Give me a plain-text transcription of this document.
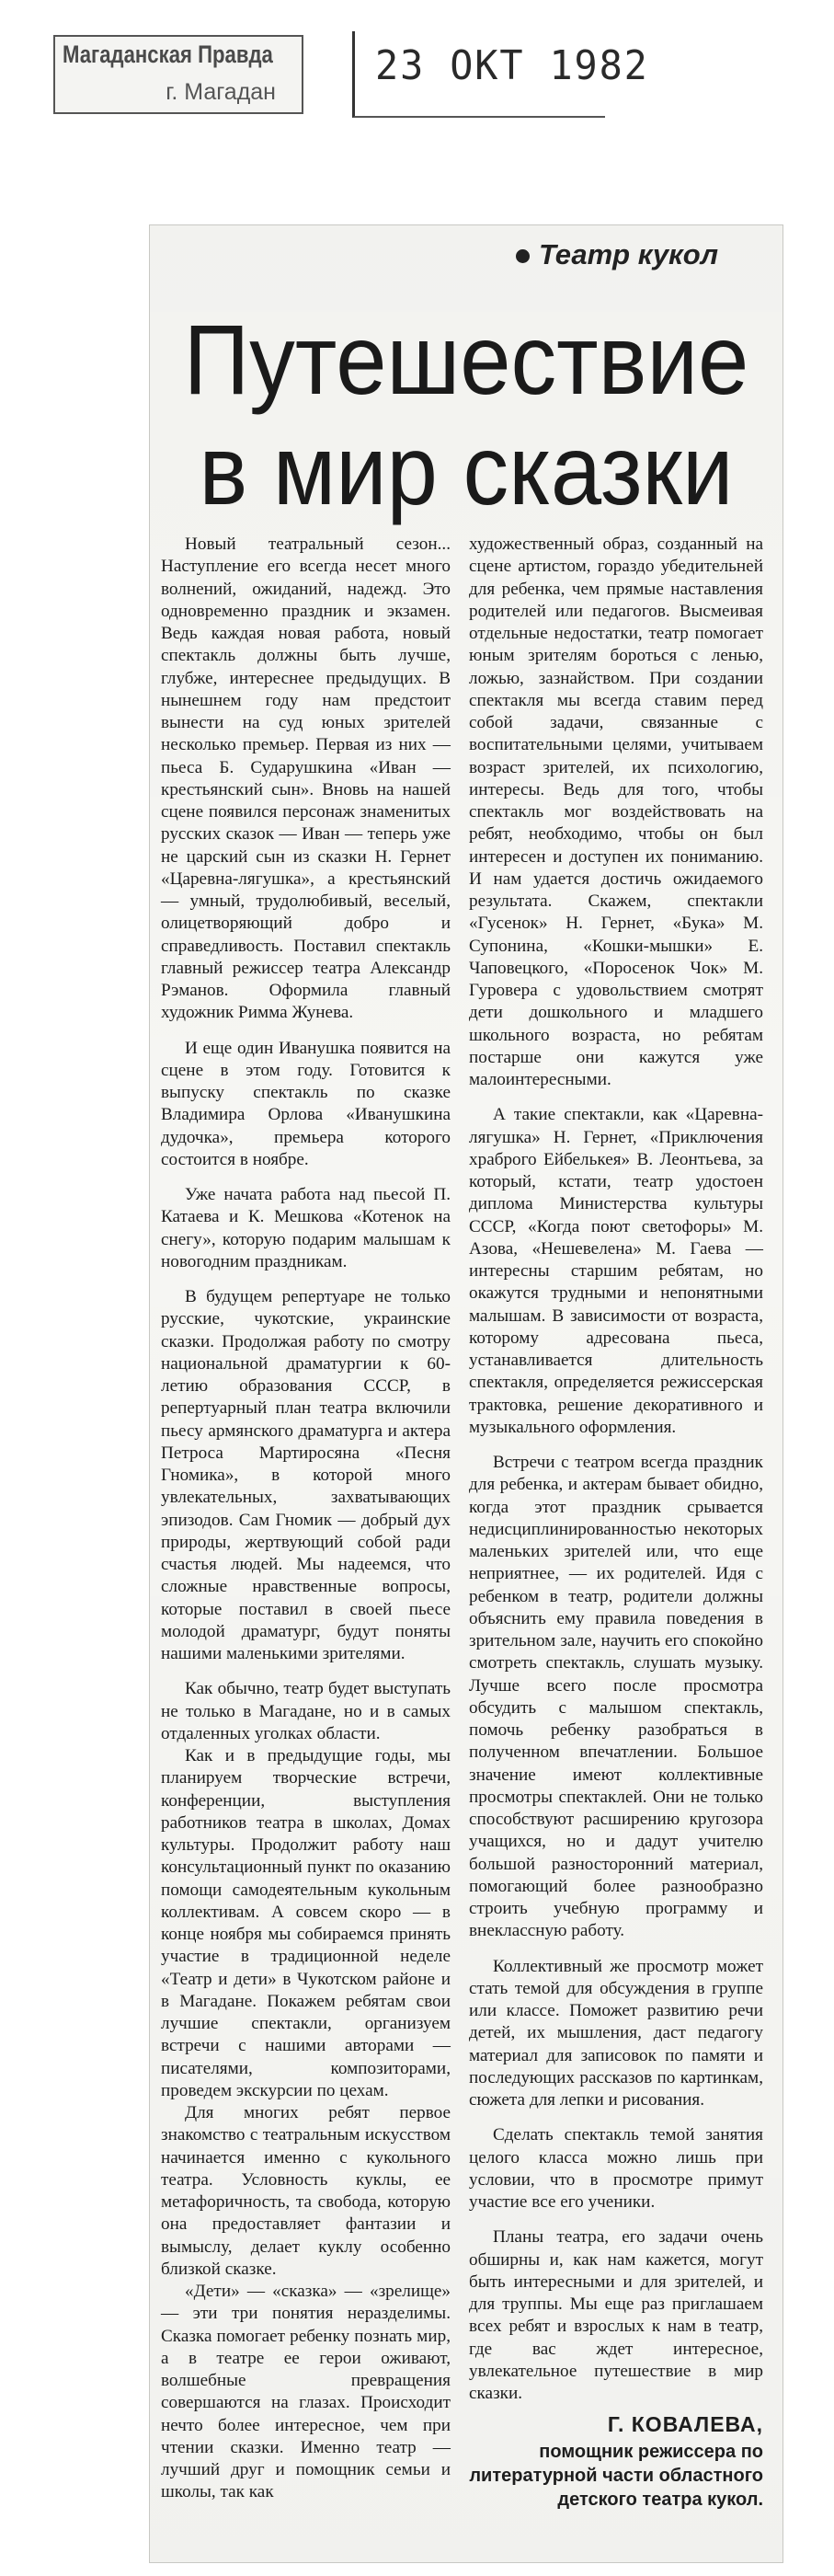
Магаданская Правда
г. Магадан
23 ОКТ 1982
Театр кукол
Путешествие
в мир сказки

Новый театральный сезон... Наступление его всегда несет много волнений, ожиданий, надежд. Это одновременно праздник и экзамен. Ведь каждая новая работа, новый спектакль должны быть лучше, глубже, интереснее предыдущих. В нынешнем году нам предстоит вынести на суд юных зрителей несколько премьер. Первая из них — пьеса Б. Сударушкина «Иван — крестьянский сын». Вновь на нашей сцене появился персонаж знаменитых русских сказок — Иван — теперь уже не царский сын из сказки Н. Гернет «Царевна-лягушка», а крестьянский — умный, трудолюбивый, веселый, олицетворяющий добро и справедливость. Поставил спектакль главный режиссер театра Александр Рэманов. Оформила главный художник Римма Жунева.

И еще один Иванушка появится на сцене в этом году. Готовится к выпуску спектакль по сказке Владимира Орлова «Иванушкина дудочка», премьера которого состоится в ноябре.

Уже начата работа над пьесой П. Катаева и К. Мешкова «Котенок на снегу», которую подарим малышам к новогодним праздникам.

В будущем репертуаре не только русские, чукотские, украинские сказки. Продолжая работу по смотру национальной драматургии к 60-летию образования СССР, в репертуарный план театра включили пьесу армянского драматурга и актера Петроса Мартиросяна «Песня Гномика», в которой много увлекательных, захватывающих эпизодов. Сам Гномик — добрый дух природы, жертвующий собой ради счастья людей. Мы надеемся, что сложные нравственные вопросы, которые поставил в своей пьесе молодой драматург, будут поняты нашими маленькими зрителями.

Как обычно, театр будет выступать не только в Магадане, но и в самых отдаленных уголках области.

Как и в предыдущие годы, мы планируем творческие встречи, конференции, выступления работников театра в школах, Домах культуры. Продолжит работу наш консультационный пункт по оказанию помощи самодеятельным кукольным коллективам. А совсем скоро — в конце ноября мы собираемся принять участие в традиционной неделе «Театр и дети» в Чукотском районе и в Магадане. Покажем ребятам свои лучшие спектакли, организуем встречи с нашими авторами — писателями, композиторами, проведем экскурсии по цехам.

Для многих ребят первое знакомство с театральным искусством начинается именно с кукольного театра. Условность куклы, ее метафоричность, та свобода, которую она предоставляет фантазии и вымыслу, делает куклу особенно близкой сказке.

«Дети» — «сказка» — «зрелище» — эти три понятия неразделимы. Сказка помогает ребенку познать мир, а в театре ее герои оживают, волшебные превращения совершаются на глазах. Происходит нечто более интересное, чем при чтении сказки. Именно театр — лучший друг и помощник семьи и школы, так как

художественный образ, созданный на сцене артистом, гораздо убедительней для ребенка, чем прямые наставления родителей или педагогов. Высмеивая отдельные недостатки, театр помогает юным зрителям бороться с ленью, ложью, зазнайством. При создании спектакля мы всегда ставим перед собой задачи, связанные с воспитательными целями, учитываем возраст зрителей, их психологию, интересы. Ведь для того, чтобы спектакль мог воздействовать на ребят, необходимо, чтобы он был интересен и доступен их пониманию. И нам удается достичь ожидаемого результата. Скажем, спектакли «Гусенок» Н. Гернет, «Бука» М. Супонина, «Кошки-мышки» Е. Чаповецкого, «Поросенок Чок» М. Гуровера с удовольствием смотрят дети дошкольного и младшего школьного возраста, но ребятам постарше они кажутся уже малоинтересными.

А такие спектакли, как «Царевна-лягушка» Н. Гернет, «Приключения храброго Ейбелькея» В. Леонтьева, за который, кстати, театр удостоен диплома Министерства культуры СССР, «Когда поют светофоры» М. Азова, «Нешевелена» М. Гаева — интересны старшим ребятам, но окажутся трудными и непонятными малышам. В зависимости от возраста, которому адресована пьеса, устанавливается длительность спектакля, определяется режиссерская трактовка, решение декоративного и музыкального оформления.

Встречи с театром всегда праздник для ребенка, и актерам бывает обидно, когда этот праздник срывается недисциплинированностью некоторых маленьких зрителей или, что еще неприятнее, — их родителей. Идя с ребенком в театр, родители должны объяснить ему правила поведения в зрительном зале, научить его спокойно смотреть спектакль, слушать музыку. Лучше всего после просмотра обсудить с малышом спектакль, помочь ребенку разобраться в полученном впечатлении. Большое значение имеют коллективные просмотры спектаклей. Они не только способствуют расширению кругозора учащихся, но и дадут учителю большой разносторонний материал, помогающий более разнообразно строить учебную программу и внеклассную работу.

Коллективный же просмотр может стать темой для обсуждения в группе или классе. Поможет развитию речи детей, их мышления, даст педагогу материал для записовок по памяти и последующих рассказов по картинкам, сюжета для лепки и рисования.

Сделать спектакль темой занятия целого класса можно лишь при условии, что в просмотре примут участие все его ученики.

Планы театра, его задачи очень обширны и, как нам кажется, могут быть интересными и для зрителей, и для труппы. Мы еще раз приглашаем всех ребят и взрослых к нам в театр, где вас ждет интересное, увлекательное путешествие в мир сказки.

Г. КОВАЛЕВА,
помощник режиссера по литературной части областного детского театра кукол.
